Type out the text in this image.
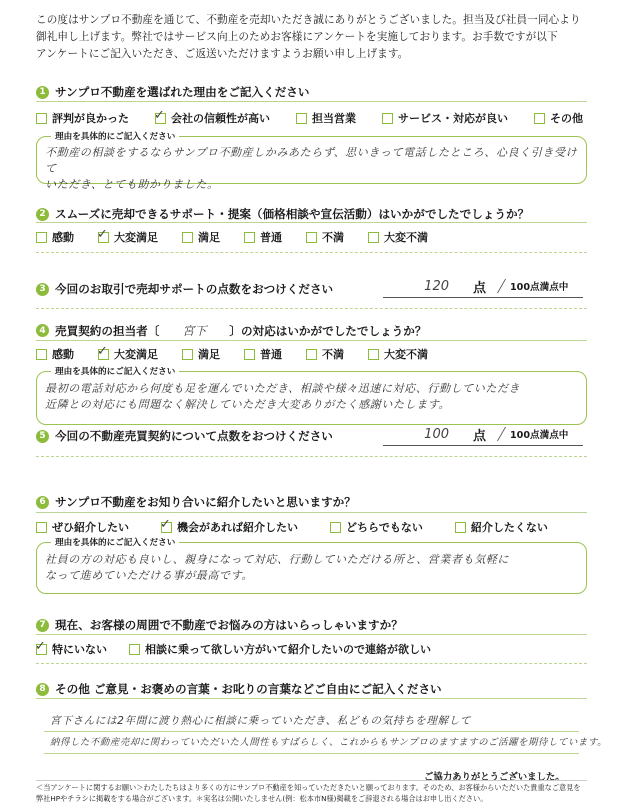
この度はサンプロ不動産を通じて、不動産を売却いただき誠にありがとうございました。担当及び社員一同心より
御礼申し上げます。弊社ではサービス向上のためお客様にアンケートを実施しております。お手数ですが以下
アンケートにご記入いただき、ご返送いただけますようお願い申し上げます。
1 サンプロ不動産を選ばれた理由をご記入ください
評判が良かった ✓ 会社の信頼性が高い	担当営業	サービス・対応が良い	その他
理由を具体的にご記入ください
不動産の相談をするならサンプロ不動産しかみあたらず、思いきって電話したところ、心良く引き受けて
いただき、とても助かりました。
2 スムーズに売却できるサポート・提案（価格相談や宣伝活動）はいかがでしたでしょうか？
感動 ✓ 大変満足	満足	普通	不満	大変不満
3 今回のお取引で売却サポートの点数をおつけください	120	点	100点満点中
4 売買契約の担当者〔	宮下	〕の対応はいかがでしたでしょうか？
感動 ✓ 大変満足	満足	普通	不満	大変不満
理由を具体的にご記入ください
最初の電話対応から何度も足を運んでいただき、相談や様々迅速に対応、行動していただき
近隣との対応にも問題なく解決していただき大変ありがたく感謝いたします。
5 今回の不動産売買契約について点数をおつけください	100	点	100点満点中
6 サンプロ不動産をお知り合いに紹介したいと思いますか？
ぜひ紹介したい ✓ 機会があれば紹介したい	どちらでもない	紹介したくない
理由を具体的にご記入ください
社員の方の対応も良いし、親身になって対応、行動していただける所と、営業者も気軽に
なって進めていただける事が最高です。
7 現在、お客様の周囲で不動産でお悩みの方はいらっしゃいますか？
✓ 特にいない	相談に乗って欲しい方がいて紹介したいので連絡が欲しい
8 その他 ご意見・お褒めの言葉・お叱りの言葉などご自由にご記入ください
宮下さんには2年間に渡り熱心に相談に乗っていただき、私どもの気持ちを理解して
納得した不動産売却に関わっていただいた人間性もすばらしく、これからもサンプロのますますのご活躍を期待しています。
ご協力ありがとうございました。
＜当アンケートに関するお願い＞わたしたちはより多くの方にサンプロ不動産を知っていただきたいと願っております。そのため、お客様からいただいた貴重なご意見を
弊社HPやチラシに掲載をする場合がございます。＊実名は公開いたしません(例：松本市N様)掲載をご辞退される場合はお申し出ください。
